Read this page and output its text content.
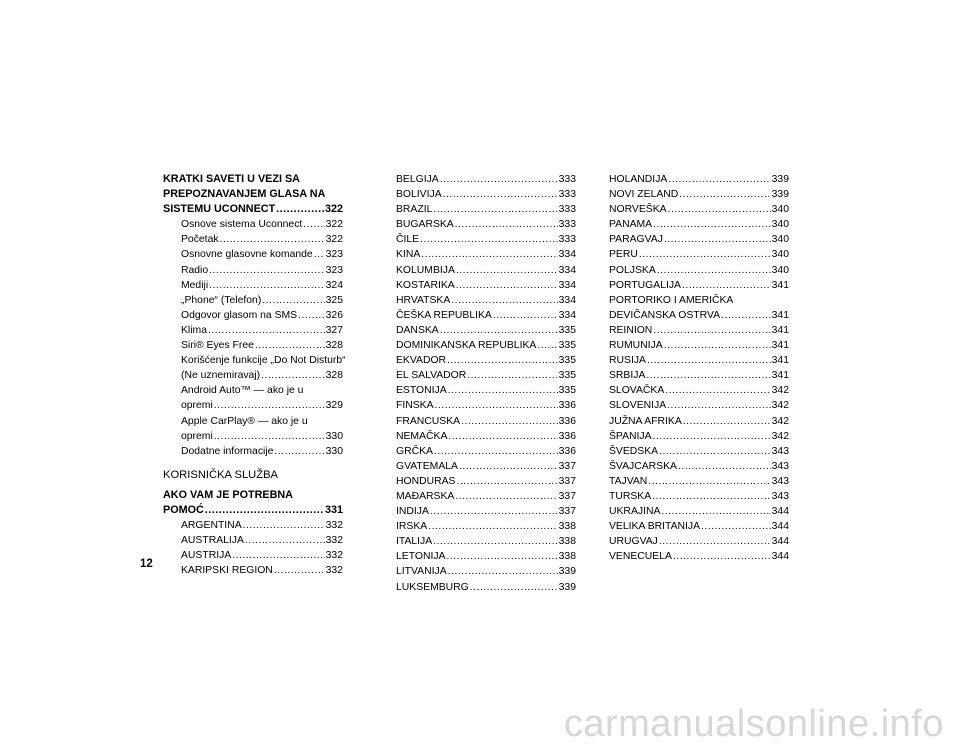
KRATKI SAVETI U VEZI SA
PREPOZNAVANJEM GLASA NA
SISTEMU UCONNECT .....	322
Osnove sistema Uconnect ..... 322
Početak .....	322
Osnovne glasovne komande ..... 323
Radio .....	323
Mediji .....	324
„Phone“ (Telefon) .....	325
Odgovor glasom na SMS .....	326
Klima .....	327
Siri® Eyes Free .....	328
Korišćenje funkcije „Do Not Disturb“
(Ne uznemiravaj) .....	328
Android Auto™ — ako je u
opremi .....	329
Apple CarPlay® — ako je u
opremi .....	330
Dodatne informacije .....	330
KORISNIČKA SLUŽBA
AKO VAM JE POTREBNA
POMOĆ .....	331
ARGENTINA .....	332
AUSTRALIJA .....	332
AUSTRIJA .....	332
KARIPSKI REGION .....	332
BELGIJA .....	333
BOLIVIJA .....	333
BRAZIL .....	333
BUGARSKA .....	333
ČILE .....	333
KINA .....	334
KOLUMBIJA .....	334
KOSTARIKA .....	334
HRVATSKA .....	334
ČEŠKA REPUBLIKA .....	334
DANSKA .....	335
DOMINIKANSKA REPUBLIKA ..... 335
EKVADOR .....	335
EL SALVADOR .....	335
ESTONIJA .....	335
FINSKA .....	336
FRANCUSKA .....	336
NEMAČKA .....	336
GRČKA .....	336
GVATEMALA .....	337
HONDURAS .....	337
MAĐARSKA .....	337
INDIJA .....	337
IRSKA .....	338
ITALIJA .....	338
LETONIJA .....	338
LITVANIJA .....	339
LUKSEMBURG .....	339
HOLANDIJA .....	339
NOVI ZELAND .....	339
NORVEŠKA .....	340
PANAMA .....	340
PARAGVAJ .....	340
PERU .....	340
POLJSKA .....	340
PORTUGALIJA .....	341
PORTORIKO I AMERIČKA
DEVIČANSKA OSTRVA .....	341
REINION .....	341
RUMUNIJA .....	341
RUSIJA .....	341
SRBIJA .....	341
SLOVAČKA .....	342
SLOVENIJA .....	342
JUŽNA AFRIKA .....	342
ŠPANIJA .....	342
ŠVEDSKA .....	343
ŠVAJCARSKA .....	343
TAJVAN .....	343
TURSKA .....	343
UKRAJINA .....	344
VELIKA BRITANIJA .....	344
URUGVAJ .....	344
VENECUELA .....	344
12
carmanualsonline.info
